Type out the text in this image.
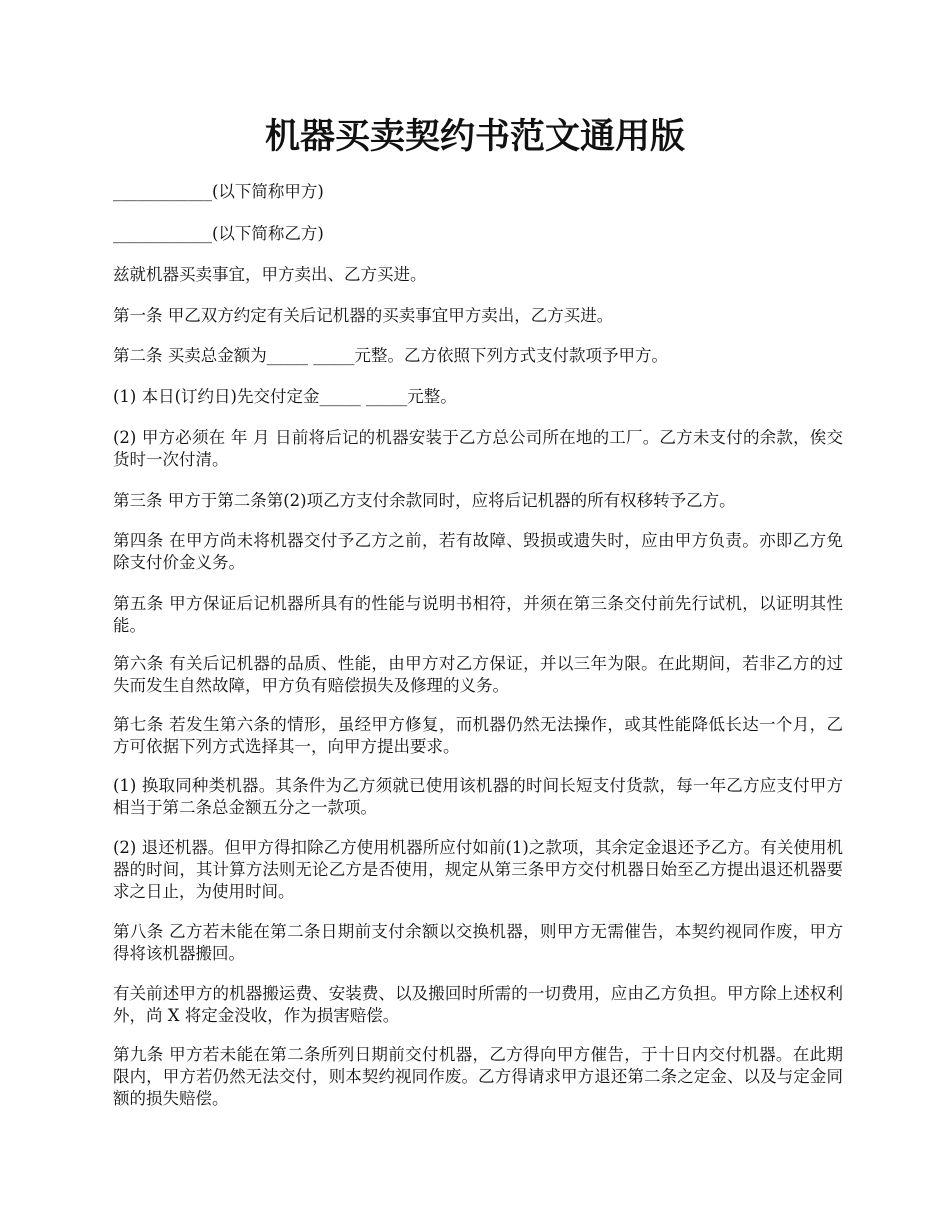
机器买卖契约书范文通用版

____________(以下简称甲方)

____________(以下简称乙方)

兹就机器买卖事宜，甲方卖出、乙方买进。

第一条 甲乙双方约定有关后记机器的买卖事宜甲方卖出，乙方买进。

第二条 买卖总金额为_____ _____元整。乙方依照下列方式支付款项予甲方。

(1) 本日(订约日)先交付定金_____ _____元整。

(2) 甲方必须在 年 月 日前将后记的机器安装于乙方总公司所在地的工厂。乙方未支付的余款，俟交货时一次付清。

第三条 甲方于第二条第(2)项乙方支付余款同时，应将后记机器的所有权移转予乙方。

第四条 在甲方尚未将机器交付予乙方之前，若有故障、毁损或遗失时，应由甲方负责。亦即乙方免除支付价金义务。

第五条 甲方保证后记机器所具有的性能与说明书相符，并须在第三条交付前先行试机，以证明其性能。

第六条 有关后记机器的品质、性能，由甲方对乙方保证，并以三年为限。在此期间，若非乙方的过失而发生自然故障，甲方负有赔偿损失及修理的义务。

第七条 若发生第六条的情形，虽经甲方修复，而机器仍然无法操作，或其性能降低长达一个月，乙方可依据下列方式选择其一，向甲方提出要求。

(1) 换取同种类机器。其条件为乙方须就已使用该机器的时间长短支付货款，每一年乙方应支付甲方相当于第二条总金额五分之一款项。

(2) 退还机器。但甲方得扣除乙方使用机器所应付如前(1)之款项，其余定金退还予乙方。有关使用机器的时间，其计算方法则无论乙方是否使用，规定从第三条甲方交付机器日始至乙方提出退还机器要求之日止，为使用时间。

第八条 乙方若未能在第二条日期前支付余额以交换机器，则甲方无需催告，本契约视同作废，甲方得将该机器搬回。

有关前述甲方的机器搬运费、安装费、以及搬回时所需的一切费用，应由乙方负担。甲方除上述权利外，尚 X 将定金没收，作为损害赔偿。

第九条 甲方若未能在第二条所列日期前交付机器，乙方得向甲方催告，于十日内交付机器。在此期限内，甲方若仍然无法交付，则本契约视同作废。乙方得请求甲方退还第二条之定金、以及与定金同额的损失赔偿。
